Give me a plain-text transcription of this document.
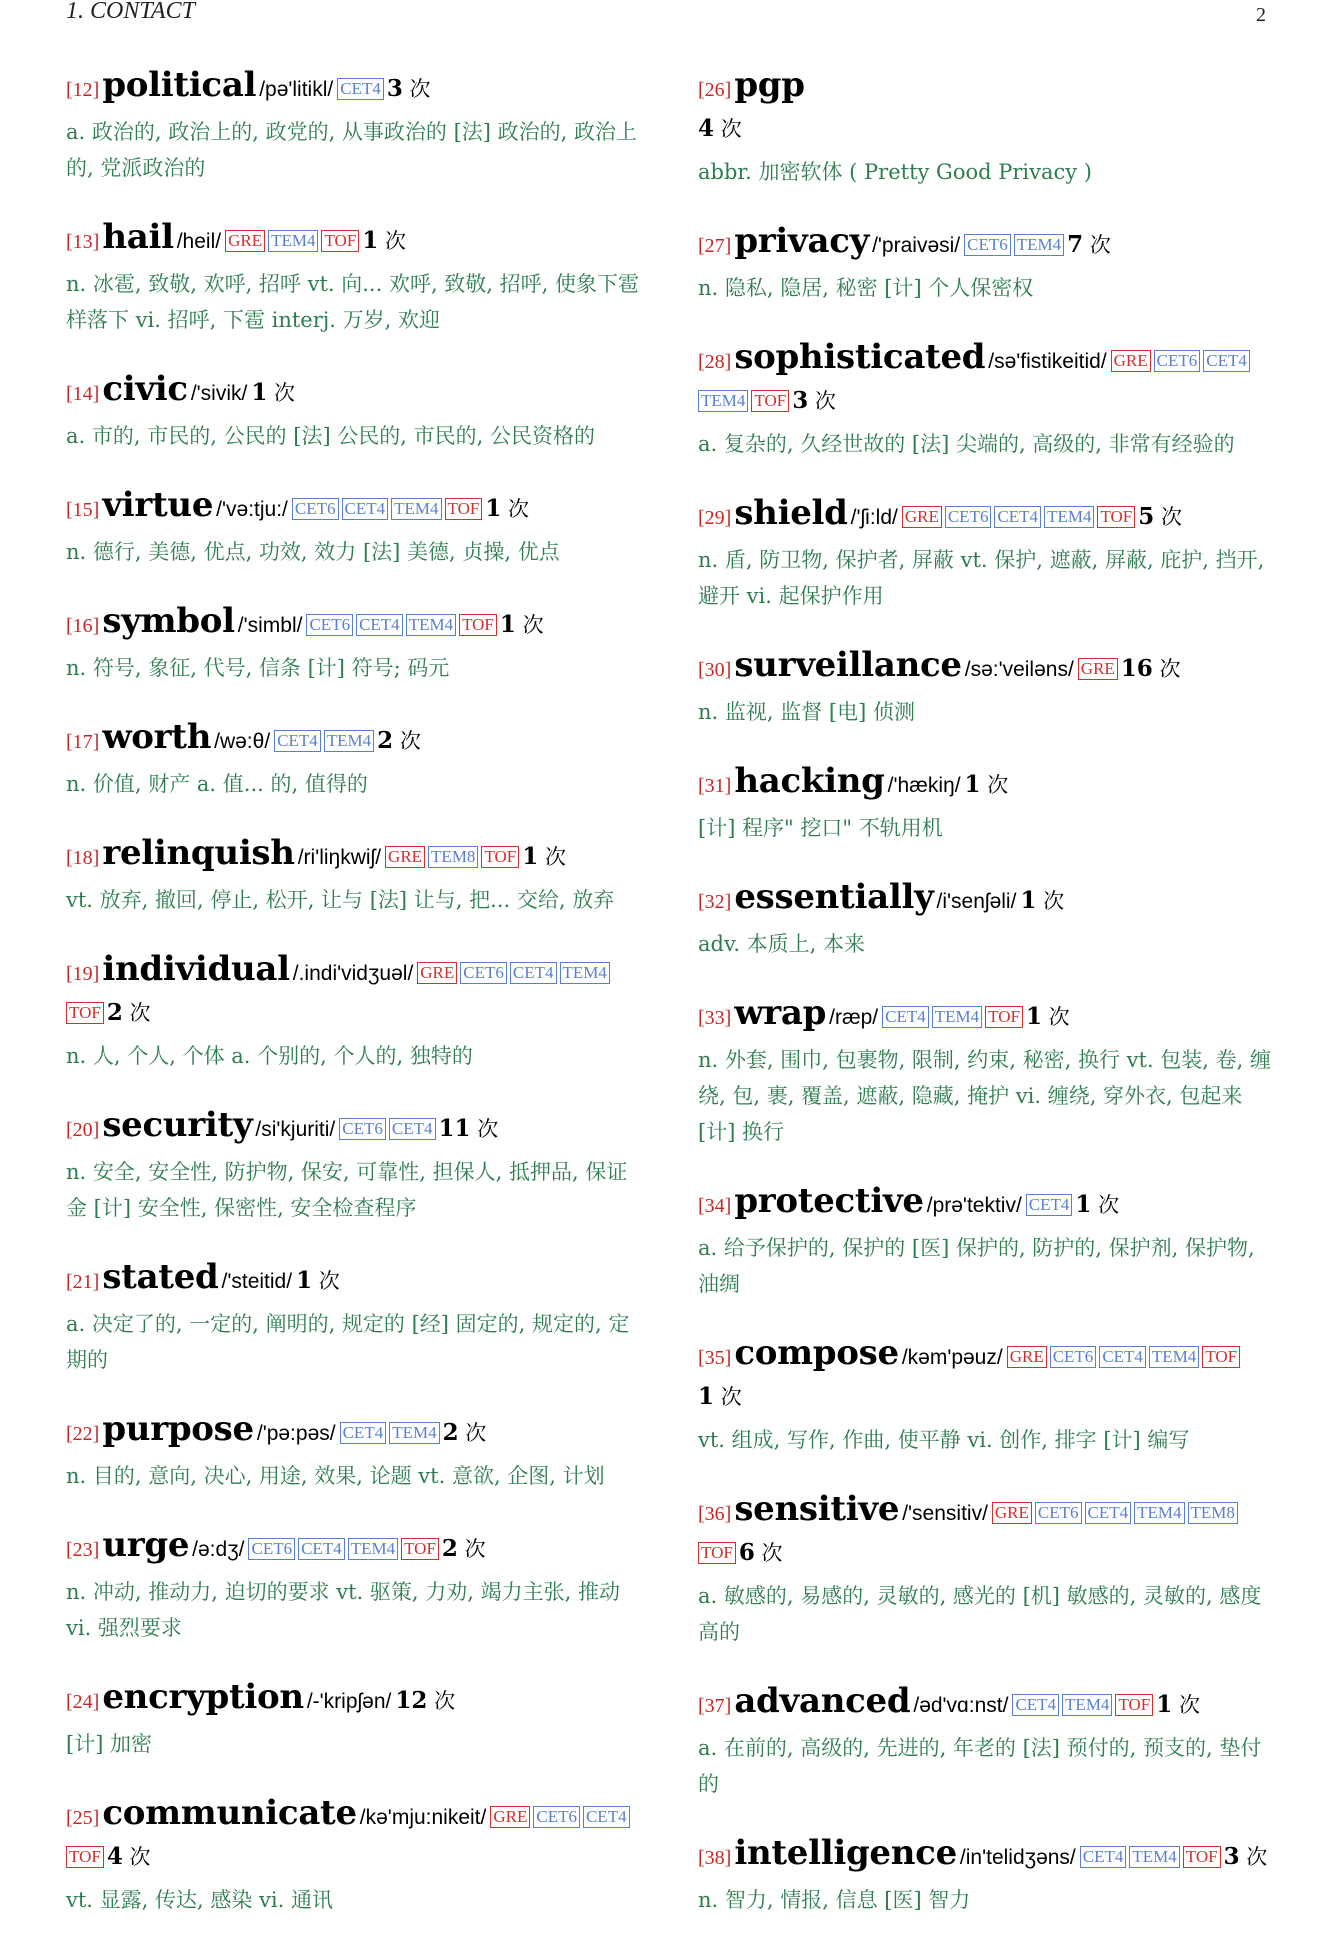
1. CONTACT	2
[12]political /pə'litikl/ CET4 3 次
a. 政治的, 政治上的, 政党的, 从事政治的 [法] 政治的, 政治上的, 党派政治的
[13]hail /heil/ GRE TEM4 TOF 1 次
n. 冰雹, 致敬, 欢呼, 招呼 vt. 向... 欢呼, 致敬, 招呼, 使象下雹样落下 vi. 招呼, 下雹 interj. 万岁, 欢迎
[14]civic /'sivik/ 1 次
a. 市的, 市民的, 公民的 [法] 公民的, 市民的, 公民资格的
[15]virtue /'və:tju:/ CET6 CET4 TEM4 TOF 1 次
n. 德行, 美德, 优点, 功效, 效力 [法] 美德, 贞操, 优点
[16]symbol /'simbl/ CET6 CET4 TEM4 TOF 1 次
n. 符号, 象征, 代号, 信条 [计] 符号; 码元
[17]worth /wə:θ/ CET4 TEM4 2 次
n. 价值, 财产 a. 值... 的, 值得的
[18]relinquish /ri'liŋkwiʃ/ GRE TEM8 TOF 1 次
vt. 放弃, 撤回, 停止, 松开, 让与 [法] 让与, 把... 交给, 放弃
[19]individual /.indi'vidʒuəl/ GRE CET6 CET4 TEM4TOF 2 次
n. 人, 个人, 个体 a. 个别的, 个人的, 独特的
[20]security /si'kjuriti/ CET6 CET4 11 次
n. 安全, 安全性, 防护物, 保安, 可靠性, 担保人, 抵押品, 保证金 [计] 安全性, 保密性, 安全检查程序
[21]stated /'steitid/ 1 次
a. 决定了的, 一定的, 阐明的, 规定的 [经] 固定的, 规定的, 定期的
[22]purpose /'pə:pəs/ CET4 TEM4 2 次
n. 目的, 意向, 决心, 用途, 效果, 论题 vt. 意欲, 企图, 计划
[23]urge /ə:dʒ/ CET6 CET4 TEM4 TOF 2 次
n. 冲动, 推动力, 迫切的要求 vt. 驱策, 力劝, 竭力主张, 推动 vi. 强烈要求
[24]encryption /-'kripʃən/ 12 次
[计] 加密
[25]communicate /kə'mju:nikeit/ GRE CET6 CET4TOF 4 次
vt. 显露, 传达, 感染 vi. 通讯
[26]pgp
4 次
abbr. 加密软体 ( Pretty Good Privacy )
[27]privacy /'praivəsi/ CET6 TEM4 7 次
n. 隐私, 隐居, 秘密 [计] 个人保密权
[28]sophisticated /sə'fistikeitid/ GRE CET6 CET4TEM4 TOF 3 次
a. 复杂的, 久经世故的 [法] 尖端的, 高级的, 非常有经验的
[29]shield /'ʃi:ld/ GRE CET6 CET4 TEM4 TOF 5 次
n. 盾, 防卫物, 保护者, 屏蔽 vt. 保护, 遮蔽, 屏蔽, 庇护, 挡开, 避开 vi. 起保护作用
[30]surveillance /sə:'veiləns/ GRE 16 次
n. 监视, 监督 [电] 侦测
[31]hacking /'hækiŋ/ 1 次
[计] 程序" 挖口" 不轨用机
[32]essentially /i'senʃəli/ 1 次
adv. 本质上, 本来
[33]wrap /ræp/ CET4 TEM4 TOF 1 次
n. 外套, 围巾, 包裹物, 限制, 约束, 秘密, 换行 vt. 包装, 卷, 缠绕, 包, 裹, 覆盖, 遮蔽, 隐藏, 掩护 vi. 缠绕, 穿外衣, 包起来 [计] 换行
[34]protective /prə'tektiv/ CET4 1 次
a. 给予保护的, 保护的 [医] 保护的, 防护的, 保护剂, 保护物, 油绸
[35]compose /kəm'pəuz/ GRE CET6 CET4 TEM4 TOF1 次
vt. 组成, 写作, 作曲, 使平静 vi. 创作, 排字 [计] 编写
[36]sensitive /'sensitiv/ GRE CET6 CET4 TEM4 TEM8TOF 6 次
a. 敏感的, 易感的, 灵敏的, 感光的 [机] 敏感的, 灵敏的, 感度高的
[37]advanced /əd'vɑ:nst/ CET4 TEM4 TOF 1 次
a. 在前的, 高级的, 先进的, 年老的 [法] 预付的, 预支的, 垫付的
[38]intelligence /in'telidʒəns/ CET4 TEM4 TOF 3 次
n. 智力, 情报, 信息 [医] 智力
